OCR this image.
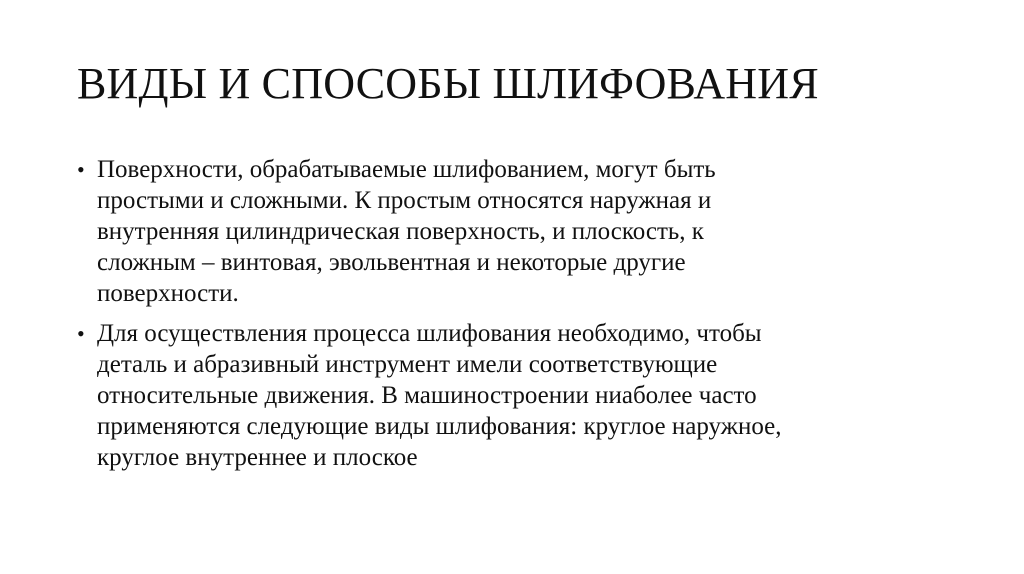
ВИДЫ И СПОСОБЫ ШЛИФОВАНИЯ
• Поверхности, обрабатываемые шлифованием, могут быть
простыми и сложными. К простым относятся наружная и
внутренняя цилиндрическая поверхность, и плоскость, к
сложным – винтовая, эвольвентная и некоторые другие
поверхности.
• Для осуществления процесса шлифования необходимо, чтобы
деталь и абразивный инструмент имели соответствующие
относительные движения. В машиностроении ниаболее часто
применяются следующие виды шлифования: круглое наружное,
круглое внутреннее и плоское
